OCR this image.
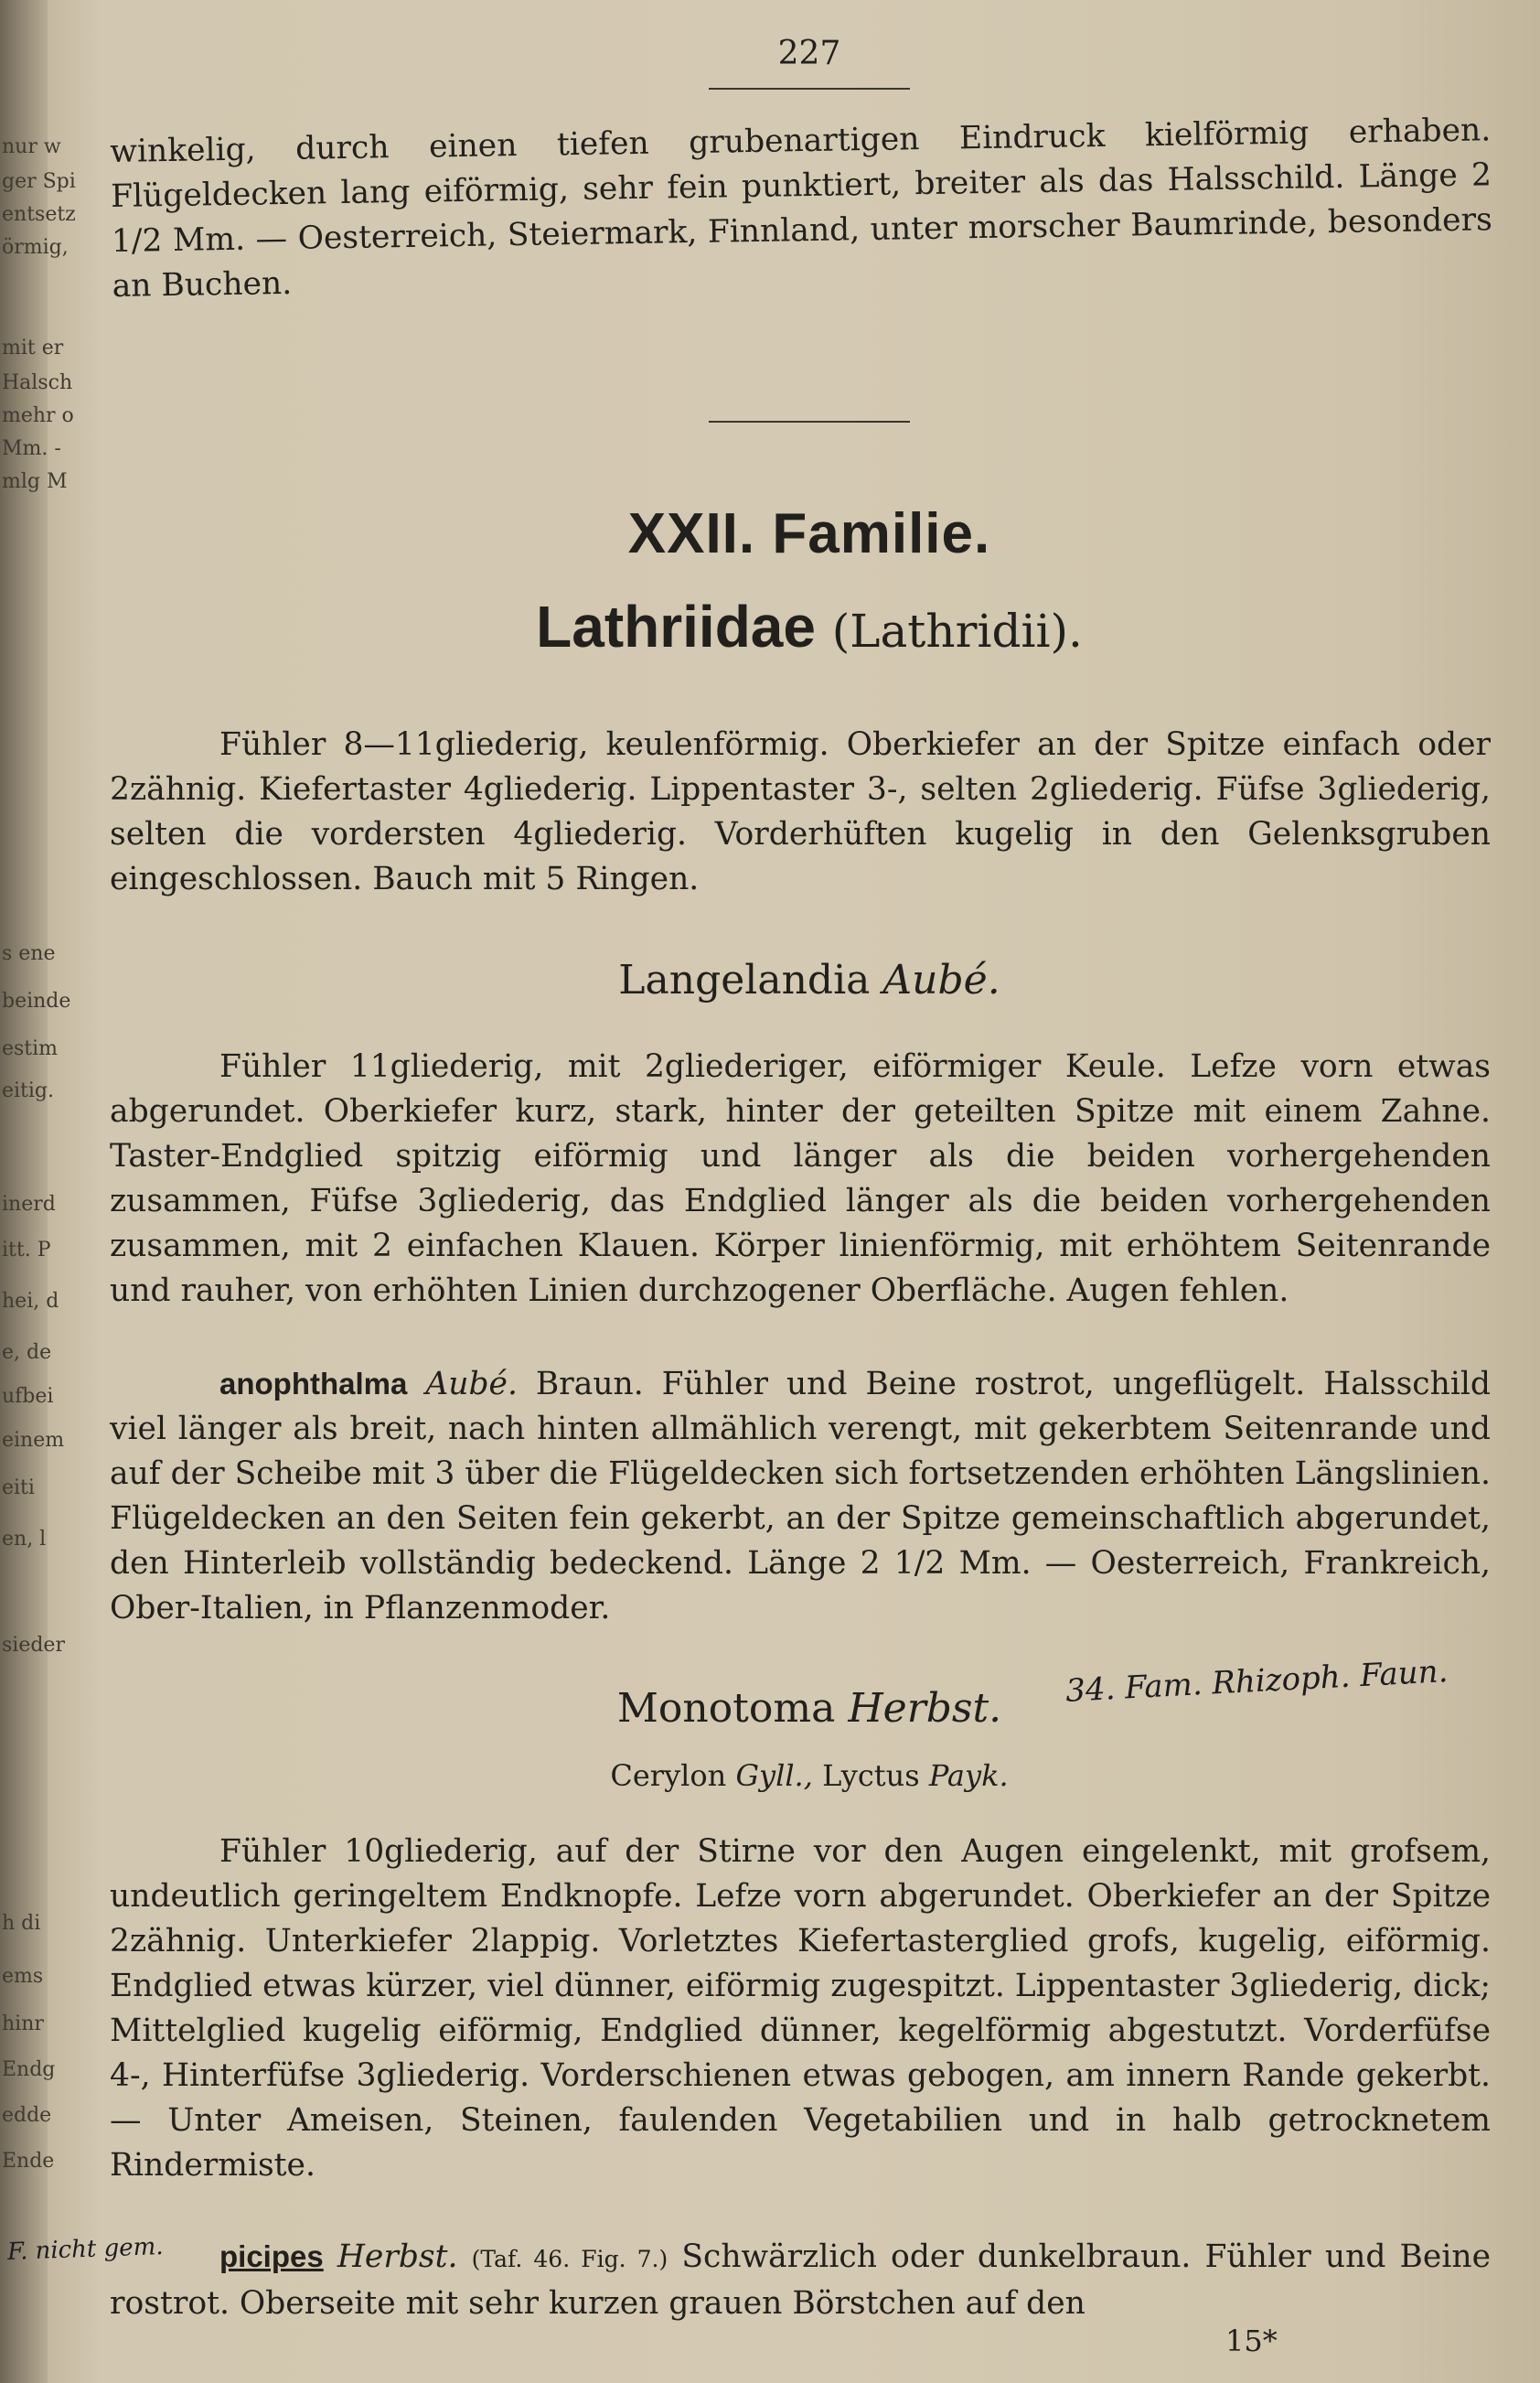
nur w
ger Spi
entsetz
örmig,
mit er
Halsch
mehr o
Mm. -
mlg M
s ene
beinde
estim
eitig.
inerd
itt. P
hei, d
e, de
ufbei
einem
eiti
en, l
sieder
h di
ems
hinr
Endg
edde
Ende
227

winkelig, durch einen tiefen grubenartigen Eindruck kielförmig erhaben. Flügeldecken lang eiförmig, sehr fein punktiert, breiter als das Halsschild. Länge 2 1/2 Mm. — Oesterreich, Steiermark, Finnland, unter morscher Baumrinde, besonders an Buchen.

XXII. Familie.
Lathriidae (Lathridii).

Fühler 8—11gliederig, keulenförmig. Oberkiefer an der Spitze einfach oder 2zähnig. Kiefertaster 4gliederig. Lippentaster 3-, selten 2gliederig. Füfse 3gliederig, selten die vordersten 4gliederig. Vorderhüften kugelig in den Gelenksgruben eingeschlossen. Bauch mit 5 Ringen.

Langelandia Aubé.

Fühler 11gliederig, mit 2gliederiger, eiförmiger Keule. Lefze vorn etwas abgerundet. Oberkiefer kurz, stark, hinter der geteilten Spitze mit einem Zahne. Taster-Endglied spitzig eiförmig und länger als die beiden vorhergehenden zusammen, Füfse 3gliederig, das Endglied länger als die beiden vorhergehenden zusammen, mit 2 einfachen Klauen. Körper linienförmig, mit erhöhtem Seitenrande und rauher, von erhöhten Linien durchzogener Oberfläche. Augen fehlen.

anophthalma Aubé. Braun. Fühler und Beine rostrot, ungeflügelt. Halsschild viel länger als breit, nach hinten allmählich verengt, mit gekerbtem Seitenrande und auf der Scheibe mit 3 über die Flügeldecken sich fortsetzenden erhöhten Längslinien. Flügeldecken an den Seiten fein gekerbt, an der Spitze gemeinschaftlich abgerundet, den Hinterleib vollständig bedeckend. Länge 2 1/2 Mm. — Oesterreich, Frankreich, Ober-Italien, in Pflanzenmoder.

Monotoma Herbst.	34. Fam. Rhizoph. Faun.
Cerylon Gyll., Lyctus Payk.

Fühler 10gliederig, auf der Stirne vor den Augen eingelenkt, mit grofsem, undeutlich geringeltem Endknopfe. Lefze vorn abgerundet. Oberkiefer an der Spitze 2zähnig. Unterkiefer 2lappig. Vorletztes Kiefertasterglied grofs, kugelig, eiförmig. Endglied etwas kürzer, viel dünner, eiförmig zugespitzt. Lippentaster 3gliederig, dick; Mittelglied kugelig eiförmig, Endglied dünner, kegelförmig abgestutzt. Vorderfüfse 4-, Hinterfüfse 3gliederig. Vorderschienen etwas gebogen, am innern Rande gekerbt. — Unter Ameisen, Steinen, faulenden Vegetabilien und in halb getrocknetem Rindermiste.

picipes Herbst. (Taf. 46. Fig. 7.) Schwärzlich oder dunkelbraun. Fühler und Beine rostrot. Oberseite mit sehr kurzen grauen Börstchen auf den

F. nicht gem.
15*
